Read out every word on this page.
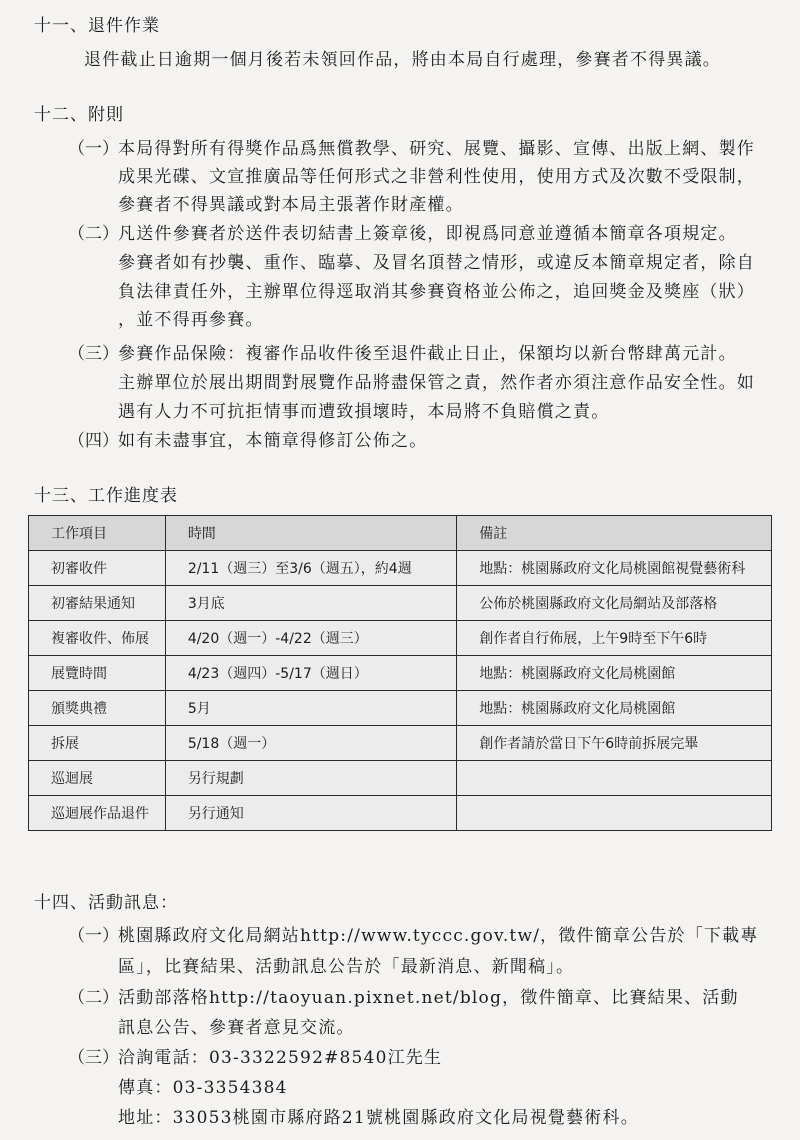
十一、退件作業
退件截止日逾期一個月後若未領回作品，將由本局自行處理，參賽者不得異議。
十二、附則
（一） 本局得對所有得獎作品爲無償教學、研究、展覽、攝影、宣傳、出版上網、製作
成果光碟、文宣推廣品等任何形式之非營利性使用，使用方式及次數不受限制，
參賽者不得異議或對本局主張著作財產權。
（二） 凡送件參賽者於送件表切結書上簽章後，即視爲同意並遵循本簡章各項規定。
參賽者如有抄襲、重作、臨摹、及冒名頂替之情形，或違反本簡章規定者，除自
負法律責任外，主辦單位得逕取消其參賽資格並公佈之，追回獎金及獎座（狀）
，並不得再參賽。
（三） 參賽作品保險：複審作品收件後至退件截止日止，保額均以新台幣肆萬元計。
主辦單位於展出期間對展覽作品將盡保管之責，然作者亦須注意作品安全性。如
遇有人力不可抗拒情事而遭致損壞時，本局將不負賠償之責。
（四） 如有未盡事宜，本簡章得修訂公佈之。
十三、工作進度表
工作項目	時間	備註
初審收件	2/11（週三）至3/6（週五），約4週	地點：桃園縣政府文化局桃園館視覺藝術科
初審結果通知	3月底	公佈於桃園縣政府文化局網站及部落格
複審收件、佈展	4/20（週一）-4/22（週三）	創作者自行佈展，上午9時至下午6時
展覽時間	4/23（週四）-5/17（週日）	地點：桃園縣政府文化局桃園館
頒獎典禮	5月	地點：桃園縣政府文化局桃園館
拆展	5/18（週一）	創作者請於當日下午6時前拆展完畢
巡迴展	另行規劃	
巡迴展作品退件	另行通知	
十四、活動訊息：
（一） 桃園縣政府文化局網站http://www.tyccc.gov.tw/，徵件簡章公告於「下載專
區」，比賽結果、活動訊息公告於「最新消息、新聞稿」。
（二） 活動部落格http://taoyuan.pixnet.net/blog，徵件簡章、比賽結果、活動
訊息公告、參賽者意見交流。
（三） 洽詢電話：03-3322592#8540江先生
傳真：03-3354384
地址：33053桃園市縣府路21號桃園縣政府文化局視覺藝術科。
